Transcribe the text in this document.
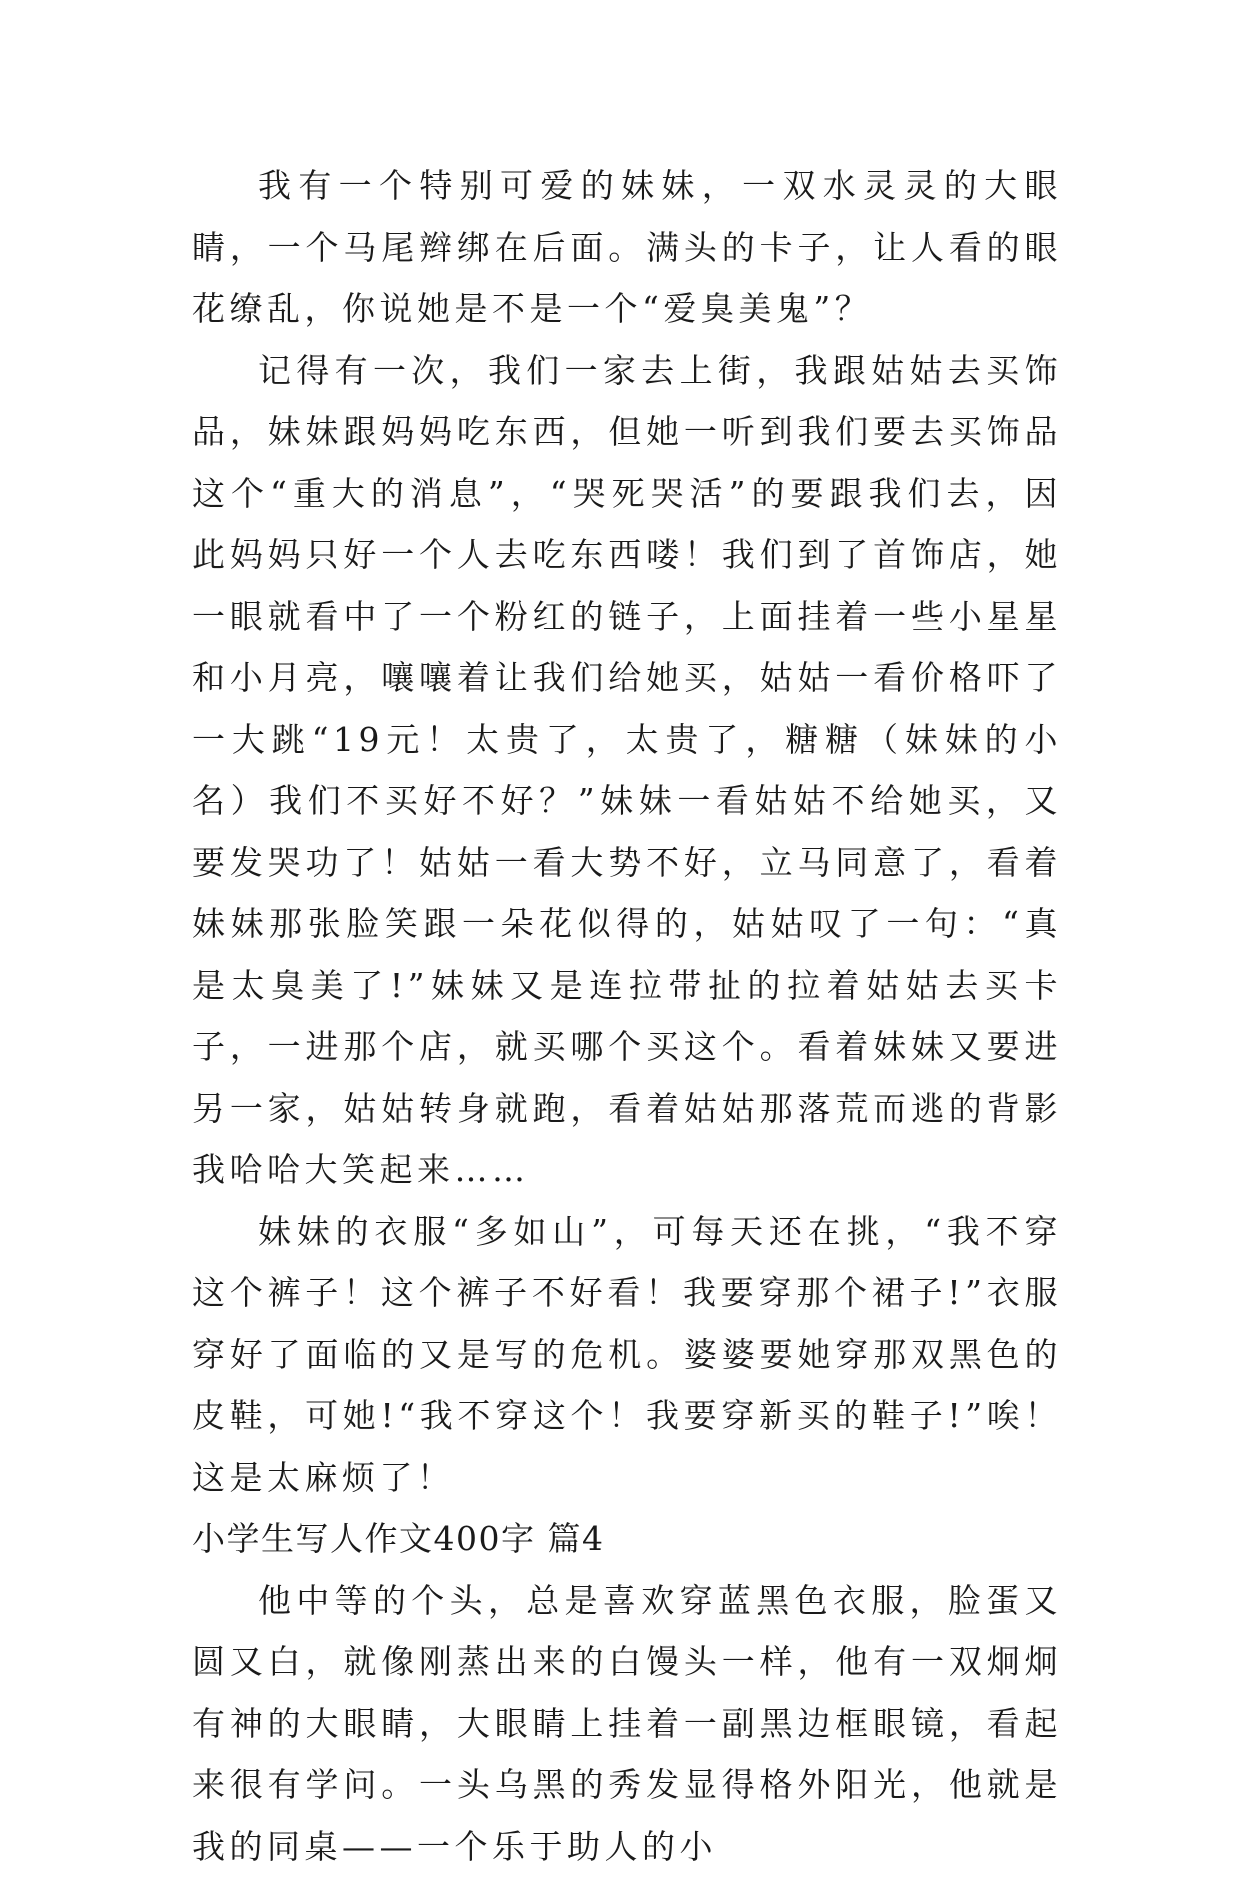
我有一个特别可爱的妹妹，一双水灵灵的大眼睛，一个马尾辫绑在后面。满头的卡子，让人看的眼花缭乱，你说她是不是一个“爱臭美鬼”？

记得有一次，我们一家去上街，我跟姑姑去买饰品，妹妹跟妈妈吃东西，但她一听到我们要去买饰品这个“重大的消息”，“哭死哭活”的要跟我们去，因此妈妈只好一个人去吃东西喽！我们到了首饰店，她一眼就看中了一个粉红的链子，上面挂着一些小星星和小月亮，嚷嚷着让我们给她买，姑姑一看价格吓了一大跳“19元！太贵了，太贵了，糖糖（妹妹的小名）我们不买好不好？”妹妹一看姑姑不给她买，又要发哭功了！姑姑一看大势不好，立马同意了，看着妹妹那张脸笑跟一朵花似得的，姑姑叹了一句：“真是太臭美了!”妹妹又是连拉带扯的拉着姑姑去买卡子，一进那个店，就买哪个买这个。看着妹妹又要进另一家，姑姑转身就跑，看着姑姑那落荒而逃的背影我哈哈大笑起来……

妹妹的衣服“多如山”，可每天还在挑，“我不穿这个裤子！这个裤子不好看！我要穿那个裙子!”衣服穿好了面临的又是写的危机。婆婆要她穿那双黑色的皮鞋，可她!“我不穿这个！我要穿新买的鞋子!”唉！这是太麻烦了！

小学生写人作文400字 篇4

他中等的个头，总是喜欢穿蓝黑色衣服，脸蛋又圆又白，就像刚蒸出来的白馒头一样，他有一双炯炯有神的大眼睛，大眼睛上挂着一副黑边框眼镜，看起来很有学问。一头乌黑的秀发显得格外阳光，他就是我的同桌——一个乐于助人的小
